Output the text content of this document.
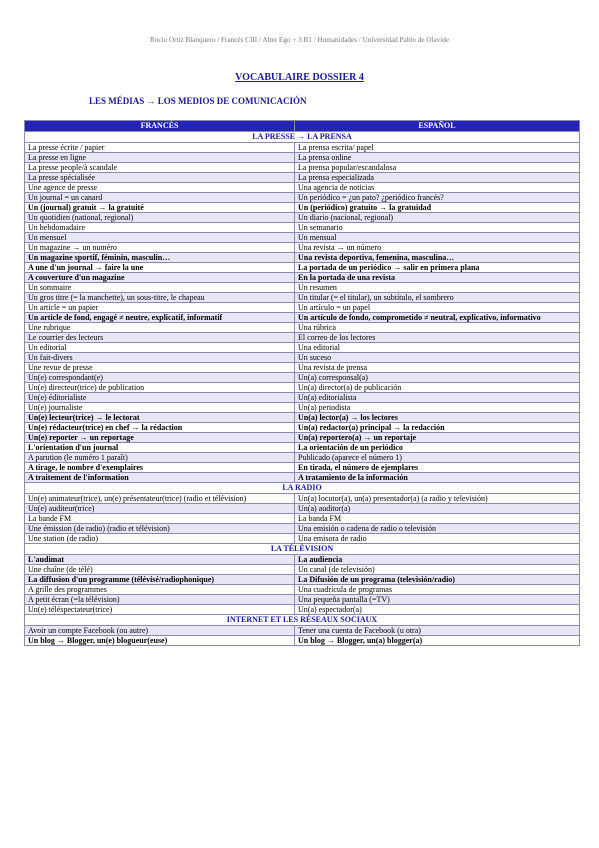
Rocío Ortiz Blanquero / Francés CIII / Alter Ego + 3 B1 / Humanidades / Universidad Pablo de Olavide
VOCABULAIRE DOSSIER 4
LES MÉDIAS → LOS MEDIOS DE COMUNICACIÓN
FRANCÉS	ESPAÑOL
LA PRESSE → LA PRENSA	
La presse écrite / papier	La prensa escrita/ papel
La presse en ligne	La prensa online
La presse people/à scandale	La prensa popular/escandalosa
La presse spécialisée	La prensa especializada
Une agence de presse	Una agencia de noticias
Un journal = un canard	Un periódico = ¿un pato? ¿periódico francés?
Un (journal) gratuit → la gratuité	Un (periódico) gratuito → la gratuidad
Un quotidien (national, regional)	Un diario (nacional, regional)
Un hebdomadaire	Un semanario
Un mensuel	Un mensual
Un magazine → un numéro	Una revista → un número
Un magazine sportif, féminin, masculin…	Una revista deportiva, femenina, masculina…
A une d'un journal → faire la une	La portada de un periódico → salir en primera plana
A couverture d'un magazine	En la portada de una revista
Un sommaire	Un resumen
Un gros titre (= la manchette), un sous-titre, le chapeau	Un titular (= el titular), un subtítulo, el sombrero
Un article = un papier	Un artículo = un papel
Un article de fond, engagé ≠ neutre, explicatif, informatif	Un artículo de fondo, comprometido ≠ neutral, explicativo, informativo
Une rubrique	Una rúbrica
Le courrier des lecteurs	El correo de los lectores
Un editorial	Una editorial
Un fait-divers	Un suceso
Une revue de presse	Una revista de prensa
Un(e) correspondant(e)	Un(a) corresponsal(a)
Un(e) directeur(trice) de publication	Un(a) director(a) de publicación
Un(e) éditorialiste	Un(a) editorialista
Un(e) journaliste	Un(a) periodista
Un(e) lecteur(trice) → le lectorat	Un(a) lector(a) → los lectores
Un(e) rédacteur(trice) en chef → la rédaction	Un(a) redactor(a) principal → la redacción
Un(e) reporter → un reportage	Un(a) reportero(a) → un reportaje
L'orientation d'un journal	La orientación de un periódico
A parution (le numéro 1 paraît)	Publicado (aparece el número 1)
A tirage, le nombre d'exemplaires	En tirada, el número de ejemplares
A traitement de l'information	A tratamiento de la información
LA RADIO	
Un(e) animateur(trice), un(e) présentateur(trice) (radio et télévision)	Un(a) locutor(a), un(a) presentador(a) (a radio y televisión)
Un(e) auditeur(trice)	Un(a) auditor(a)
La bande FM	La banda FM
Une émission (de radio) (radio et télévision)	Una emisión o cadena de radio o televisión
Une station (de radio)	Una emisora de radio
LA TÉLÉVISION	
L'audimat	La audiencia
Une chaîne (de télé)	Un canal (de televisión)
La diffusion d'un programme (télévisé/radiophonique)	La Difusión de un programa (televisión/radio)
A grille des programmes	Una cuadrícula de programas
A petit écran (=la télévision)	Una pequeña pantalla (=TV)
Un(e) téléspectateur(trice)	Un(a) espectador(a)
INTERNET ET LES RÉSEAUX SOCIAUX	
Avoir un compte Facebook (ou autre)	Tener una cuenta de Facebook (u otra)
Un blog → Blogger, un(e) blogueur(euse)	Un blog → Blogger, un(a) blogger(a)
